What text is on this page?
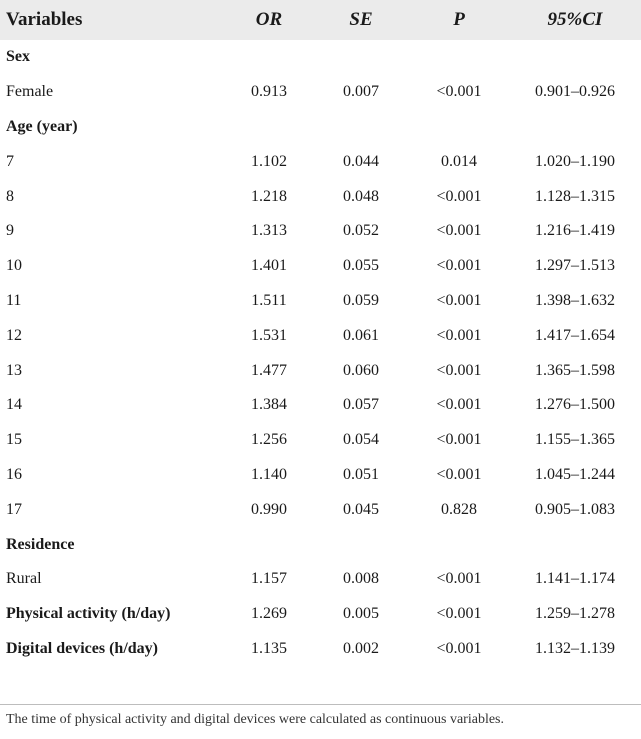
Variables	OR	SE	P	95%CI
Sex				
Female	0.913	0.007	<0.001	0.901–0.926
Age (year)				
7	1.102	0.044	0.014	1.020–1.190
8	1.218	0.048	<0.001	1.128–1.315
9	1.313	0.052	<0.001	1.216–1.419
10	1.401	0.055	<0.001	1.297–1.513
11	1.511	0.059	<0.001	1.398–1.632
12	1.531	0.061	<0.001	1.417–1.654
13	1.477	0.060	<0.001	1.365–1.598
14	1.384	0.057	<0.001	1.276–1.500
15	1.256	0.054	<0.001	1.155–1.365
16	1.140	0.051	<0.001	1.045–1.244
17	0.990	0.045	0.828	0.905–1.083
Residence				
Rural	1.157	0.008	<0.001	1.141–1.174
Physical activity (h/day)	1.269	0.005	<0.001	1.259–1.278
Digital devices (h/day)	1.135	0.002	<0.001	1.132–1.139
The time of physical activity and digital devices were calculated as continuous variables.
